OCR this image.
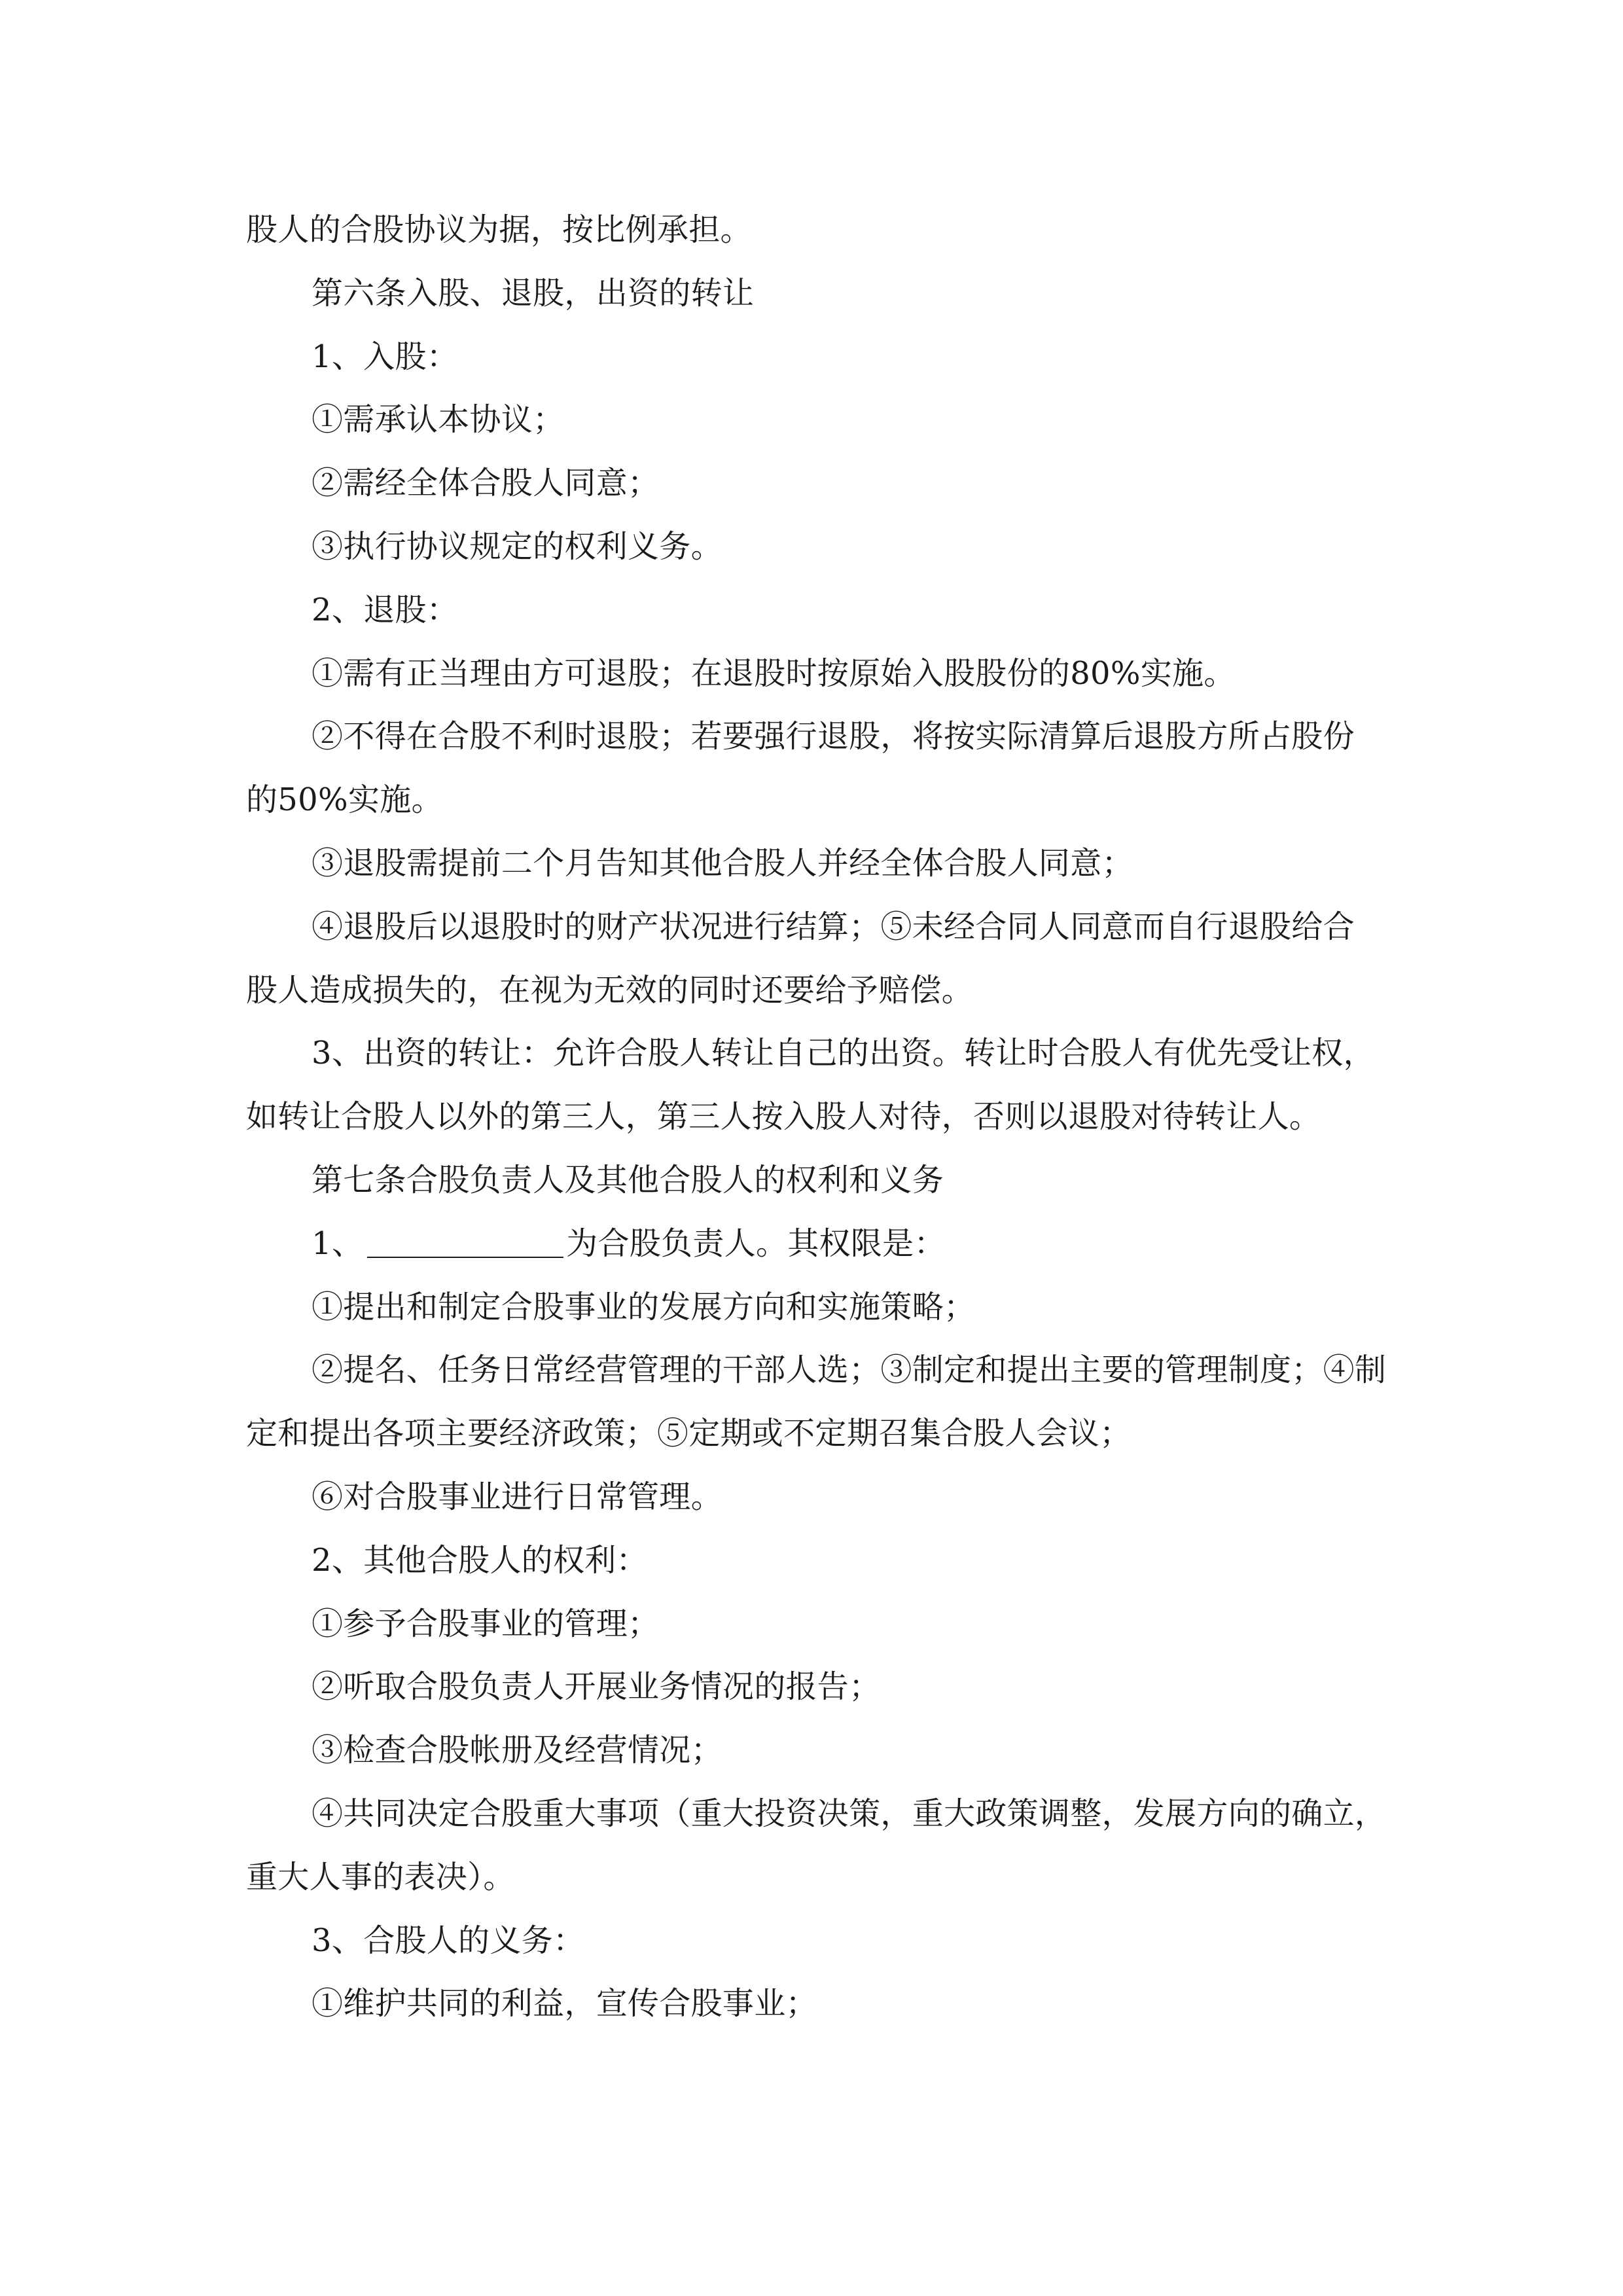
股人的合股协议为据，按比例承担。

第六条入股、退股，出资的转让

1、入股：

①需承认本协议；

②需经全体合股人同意；

③执行协议规定的权利义务。

2、退股：

①需有正当理由方可退股；在退股时按原始入股股份的80%实施。

②不得在合股不利时退股；若要强行退股，将按实际清算后退股方所占股份

的50%实施。

③退股需提前二个月告知其他合股人并经全体合股人同意；

④退股后以退股时的财产状况进行结算；⑤未经合同人同意而自行退股给合

股人造成损失的，在视为无效的同时还要给予赔偿。

3、出资的转让：允许合股人转让自己的出资。转让时合股人有优先受让权，

如转让合股人以外的第三人，第三人按入股人对待，否则以退股对待转让人。

第七条合股负责人及其他合股人的权利和义务

1、	为合股负责人。其权限是：

①提出和制定合股事业的发展方向和实施策略；

②提名、任务日常经营管理的干部人选；③制定和提出主要的管理制度；④制

定和提出各项主要经济政策；⑤定期或不定期召集合股人会议；

⑥对合股事业进行日常管理。

2、其他合股人的权利：

①参予合股事业的管理；

②听取合股负责人开展业务情况的报告；

③检查合股帐册及经营情况；

④共同决定合股重大事项（重大投资决策，重大政策调整，发展方向的确立，

重大人事的表决）。

3、合股人的义务：

①维护共同的利益，宣传合股事业；
